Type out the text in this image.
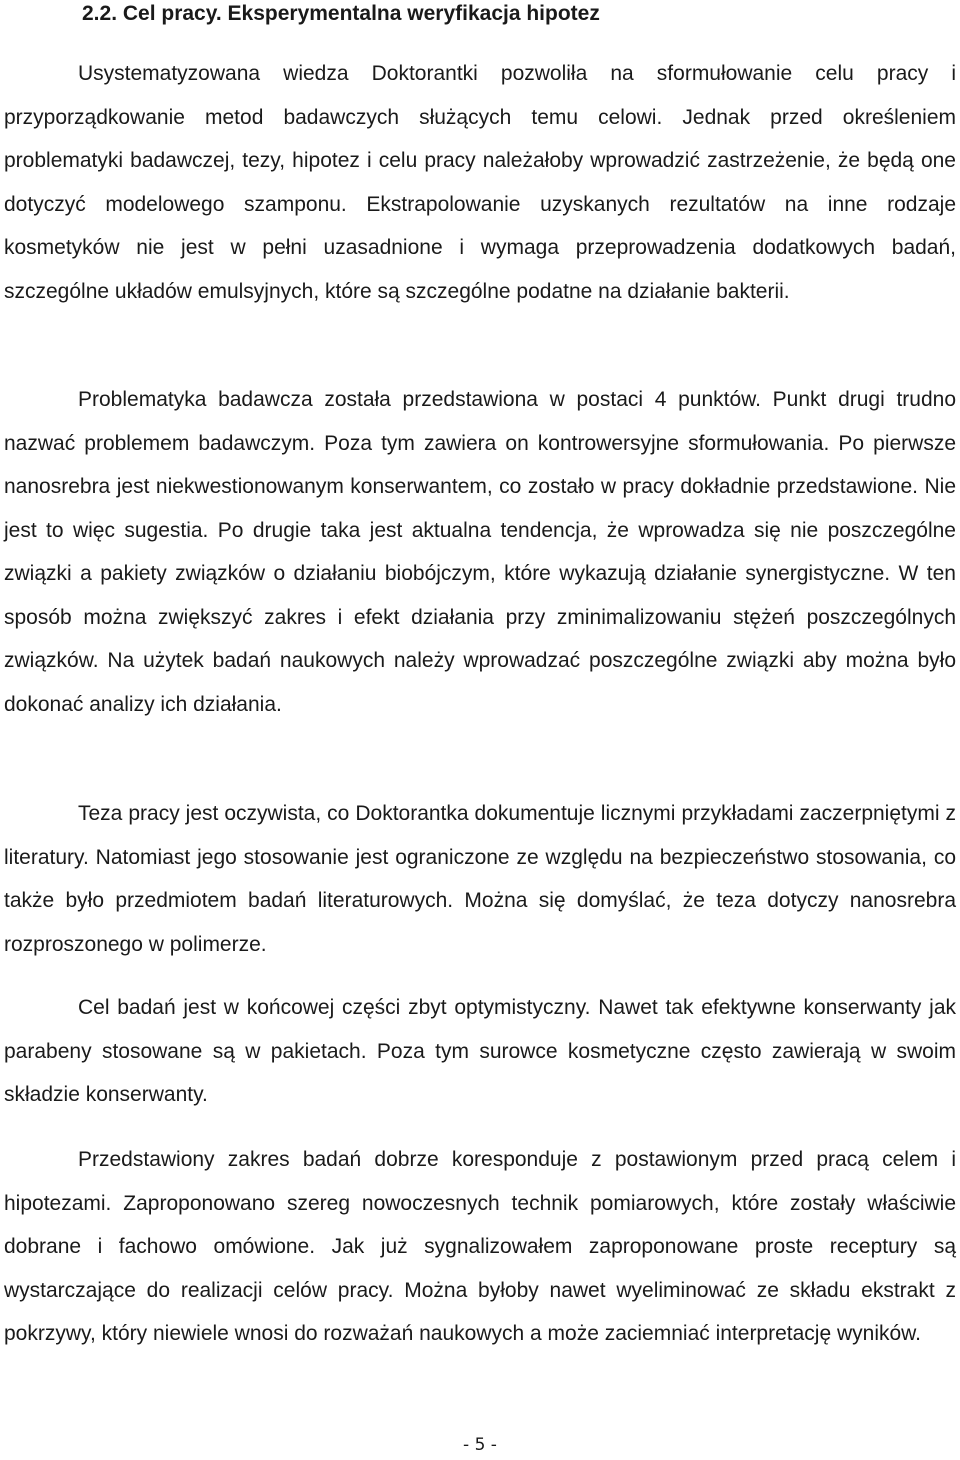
2.2. Cel pracy. Eksperymentalna weryfikacja hipotez

Usystematyzowana wiedza Doktorantki pozwoliła na sformułowanie celu pracy i przyporządkowanie metod badawczych służących temu celowi. Jednak przed określeniem problematyki badawczej, tezy, hipotez i celu pracy należałoby wprowadzić zastrzeżenie, że będą one dotyczyć modelowego szamponu. Ekstrapolowanie uzyskanych rezultatów na inne rodzaje kosmetyków nie jest w pełni uzasadnione i wymaga przeprowadzenia dodatkowych badań, szczególne układów emulsyjnych, które są szczególne podatne na działanie bakterii.

Problematyka badawcza została przedstawiona w postaci 4 punktów. Punkt drugi trudno nazwać problemem badawczym. Poza tym zawiera on kontrowersyjne sformułowania. Po pierwsze nanosrebra jest niekwestionowanym konserwantem, co zostało w pracy dokładnie przedstawione. Nie jest to więc sugestia. Po drugie taka jest aktualna tendencja, że wprowadza się nie poszczególne związki a pakiety związków o działaniu biobójczym, które wykazują działanie synergistyczne. W ten sposób można zwiększyć zakres i efekt działania przy zminimalizowaniu stężeń poszczególnych związków. Na użytek badań naukowych należy wprowadzać poszczególne związki aby można było dokonać analizy ich działania.

Teza pracy jest oczywista, co Doktorantka dokumentuje licznymi przykładami zaczerpniętymi z literatury. Natomiast jego stosowanie jest ograniczone ze względu na bezpieczeństwo stosowania, co także było przedmiotem badań literaturowych. Można się domyślać, że teza dotyczy nanosrebra rozproszonego w polimerze.

Cel badań jest w końcowej części zbyt optymistyczny. Nawet tak efektywne konserwanty jak parabeny stosowane są w pakietach. Poza tym surowce kosmetyczne często zawierają w swoim składzie konserwanty.

Przedstawiony zakres badań dobrze koresponduje z postawionym przed pracą celem i hipotezami. Zaproponowano szereg nowoczesnych technik pomiarowych, które zostały właściwie dobrane i fachowo omówione. Jak już sygnalizowałem zaproponowane proste receptury są wystarczające do realizacji celów pracy. Można byłoby nawet wyeliminować ze składu ekstrakt z pokrzywy, który niewiele wnosi do rozważań naukowych a może zaciemniać interpretację wyników.

- 5 -
